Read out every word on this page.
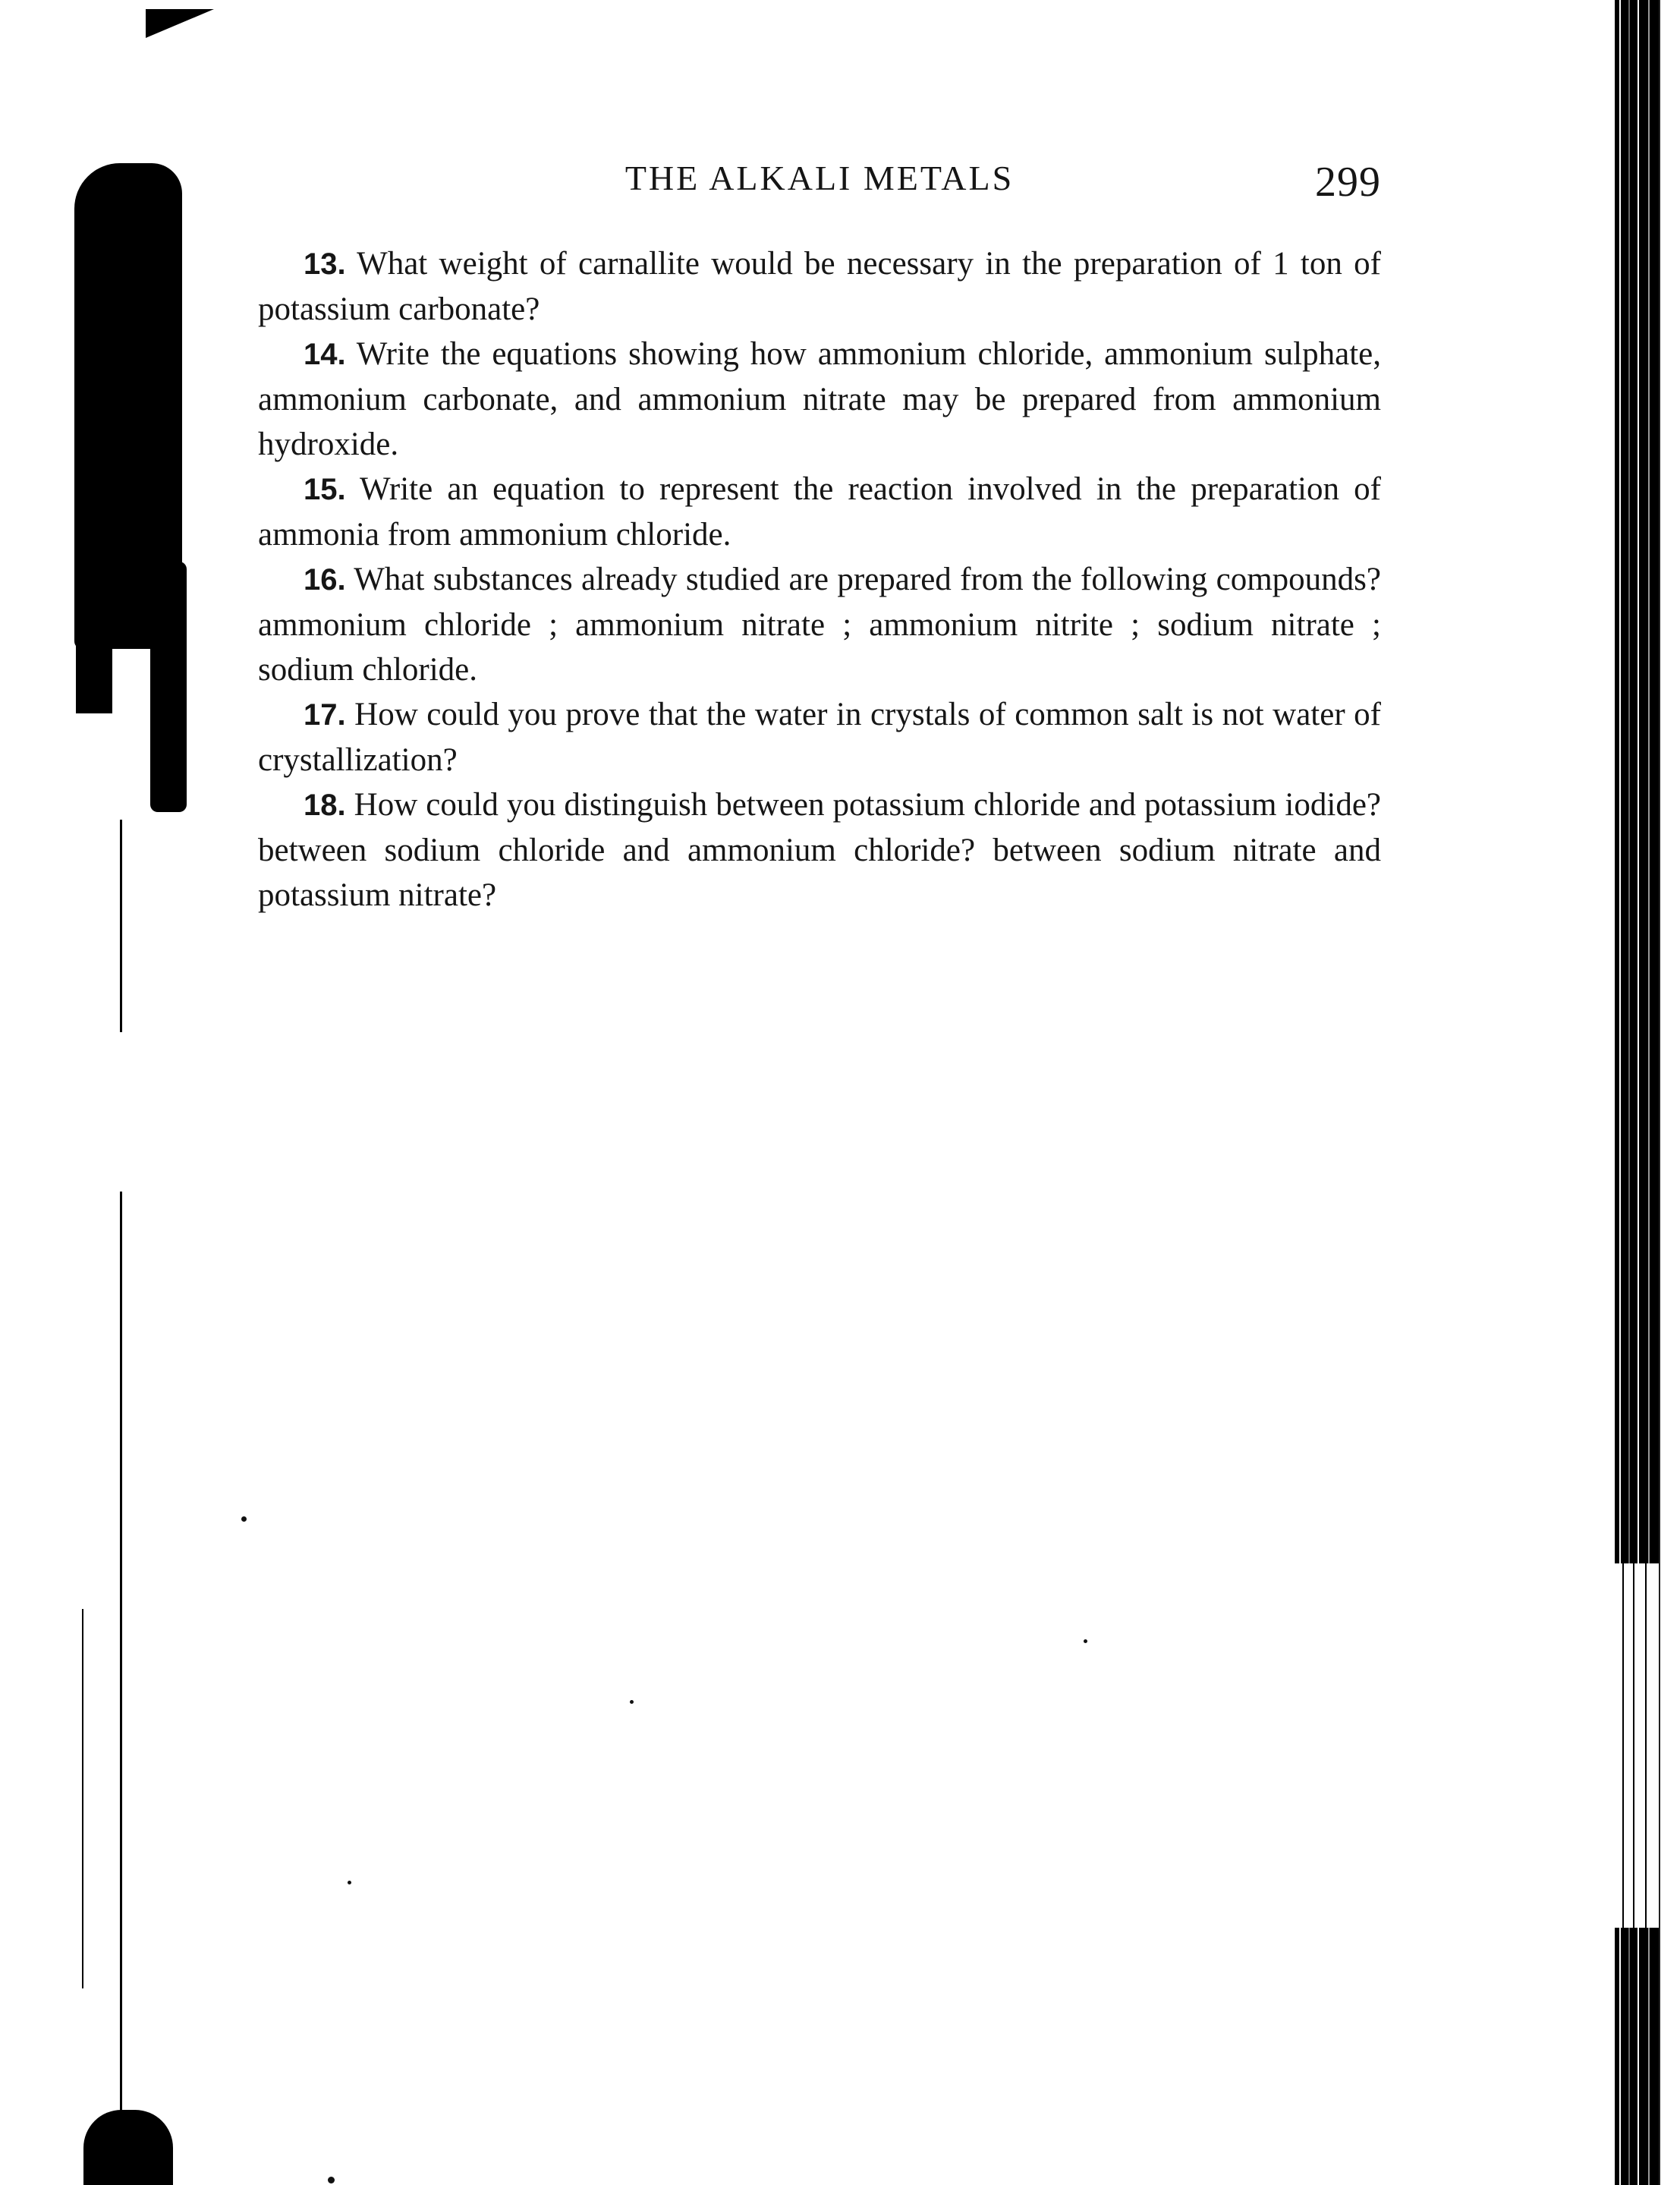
THE ALKALI METALS	299

13. What weight of carnallite would be necessary in the preparation of 1 ton of potassium carbonate?

14. Write the equations showing how ammonium chloride, ammonium sulphate, ammonium carbonate, and ammonium nitrate may be prepared from ammonium hydroxide.

15. Write an equation to represent the reaction involved in the preparation of ammonia from ammonium chloride.

16. What substances already studied are prepared from the following compounds? ammonium chloride ; ammonium nitrate ; ammonium nitrite ; sodium nitrate ; sodium chloride.

17. How could you prove that the water in crystals of common salt is not water of crystallization?

18. How could you distinguish between potassium chloride and potassium iodide? between sodium chloride and ammonium chloride? between sodium nitrate and potassium nitrate?
